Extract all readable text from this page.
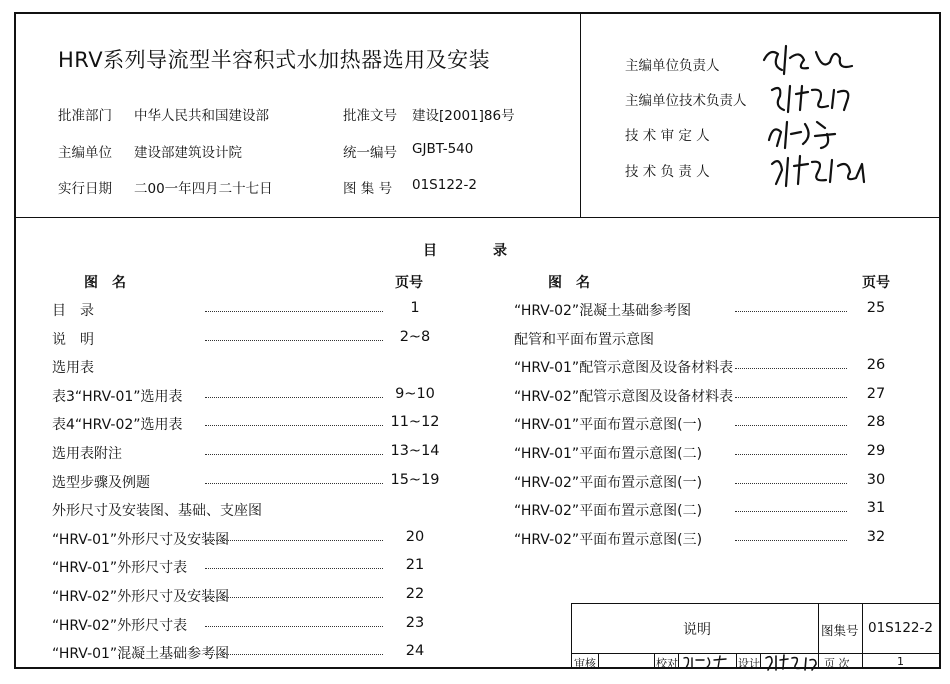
HRV系列导流型半容积式水加热器选用及安装
批准部门 中华人民共和国建设部	批准文号 建设[2001]86号
主编单位 建设部建筑设计院	统一编号 GJBT-540
实行日期 二00一年四月二十七日	图 集 号 01S122-2
主编单位负责人
主编单位技术负责人
技 术 审 定 人
技 术 负 责 人
目　　　　录
图　名	页号	图　名	页号
目　录	1
说　明	2~8
选用表
表3“HRV-01”选用表	9~10
表4“HRV-02”选用表	11~12
选用表附注	13~14
选型步骤及例题	15~19
外形尺寸及安装图、基础、支座图
“HRV-01”外形尺寸及安装图	20
“HRV-01”外形尺寸表	21
“HRV-02”外形尺寸及安装图	22
“HRV-02”外形尺寸表	23
“HRV-01”混凝土基础参考图	24
“HRV-02”混凝土基础参考图	25
配管和平面布置示意图
“HRV-01”配管示意图及设备材料表	26
“HRV-02”配管示意图及设备材料表	27
“HRV-01”平面布置示意图(一)	28
“HRV-01”平面布置示意图(二)	29
“HRV-02”平面布置示意图(一)	30
“HRV-02”平面布置示意图(二)	31
“HRV-02”平面布置示意图(三)	32
说明	图集号 01S122-2
审核	校对	设计	页 次	1
